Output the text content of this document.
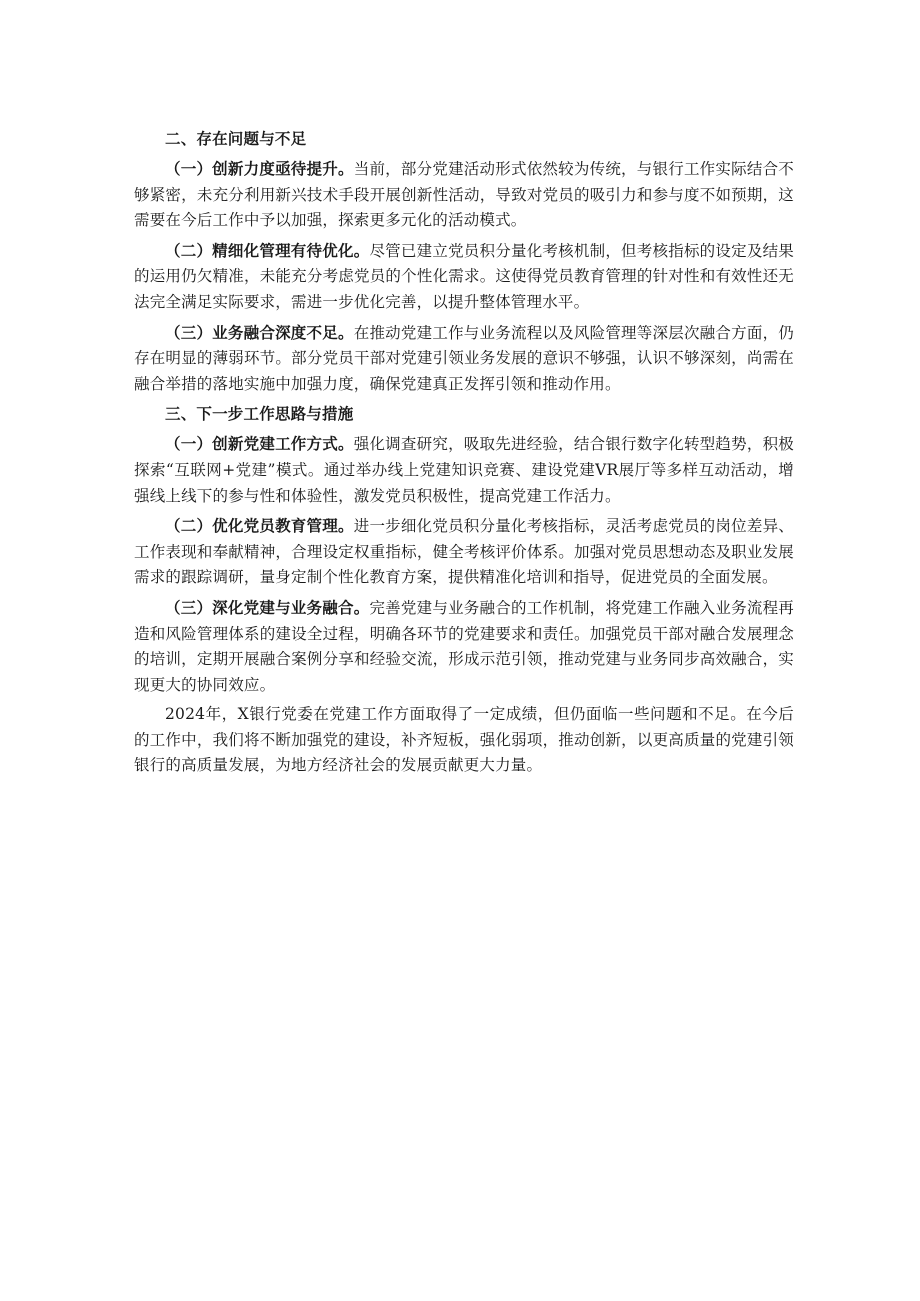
二、存在问题与不足

（一）创新力度亟待提升。当前，部分党建活动形式依然较为传统，与银行工作实际结合不够紧密，未充分利用新兴技术手段开展创新性活动，导致对党员的吸引力和参与度不如预期，这需要在今后工作中予以加强，探索更多元化的活动模式。

（二）精细化管理有待优化。尽管已建立党员积分量化考核机制，但考核指标的设定及结果的运用仍欠精准，未能充分考虑党员的个性化需求。这使得党员教育管理的针对性和有效性还无法完全满足实际要求，需进一步优化完善，以提升整体管理水平。

（三）业务融合深度不足。在推动党建工作与业务流程以及风险管理等深层次融合方面，仍存在明显的薄弱环节。部分党员干部对党建引领业务发展的意识不够强，认识不够深刻，尚需在融合举措的落地实施中加强力度，确保党建真正发挥引领和推动作用。

三、下一步工作思路与措施

（一）创新党建工作方式。强化调查研究，吸取先进经验，结合银行数字化转型趋势，积极探索“互联网+党建”模式。通过举办线上党建知识竞赛、建设党建VR展厅等多样互动活动，增强线上线下的参与性和体验性，激发党员积极性，提高党建工作活力。

（二）优化党员教育管理。进一步细化党员积分量化考核指标，灵活考虑党员的岗位差异、工作表现和奉献精神，合理设定权重指标，健全考核评价体系。加强对党员思想动态及职业发展需求的跟踪调研，量身定制个性化教育方案，提供精准化培训和指导，促进党员的全面发展。

（三）深化党建与业务融合。完善党建与业务融合的工作机制，将党建工作融入业务流程再造和风险管理体系的建设全过程，明确各环节的党建要求和责任。加强党员干部对融合发展理念的培训，定期开展融合案例分享和经验交流，形成示范引领，推动党建与业务同步高效融合，实现更大的协同效应。

2024年，X银行党委在党建工作方面取得了一定成绩，但仍面临一些问题和不足。在今后的工作中，我们将不断加强党的建设，补齐短板，强化弱项，推动创新，以更高质量的党建引领银行的高质量发展，为地方经济社会的发展贡献更大力量。
